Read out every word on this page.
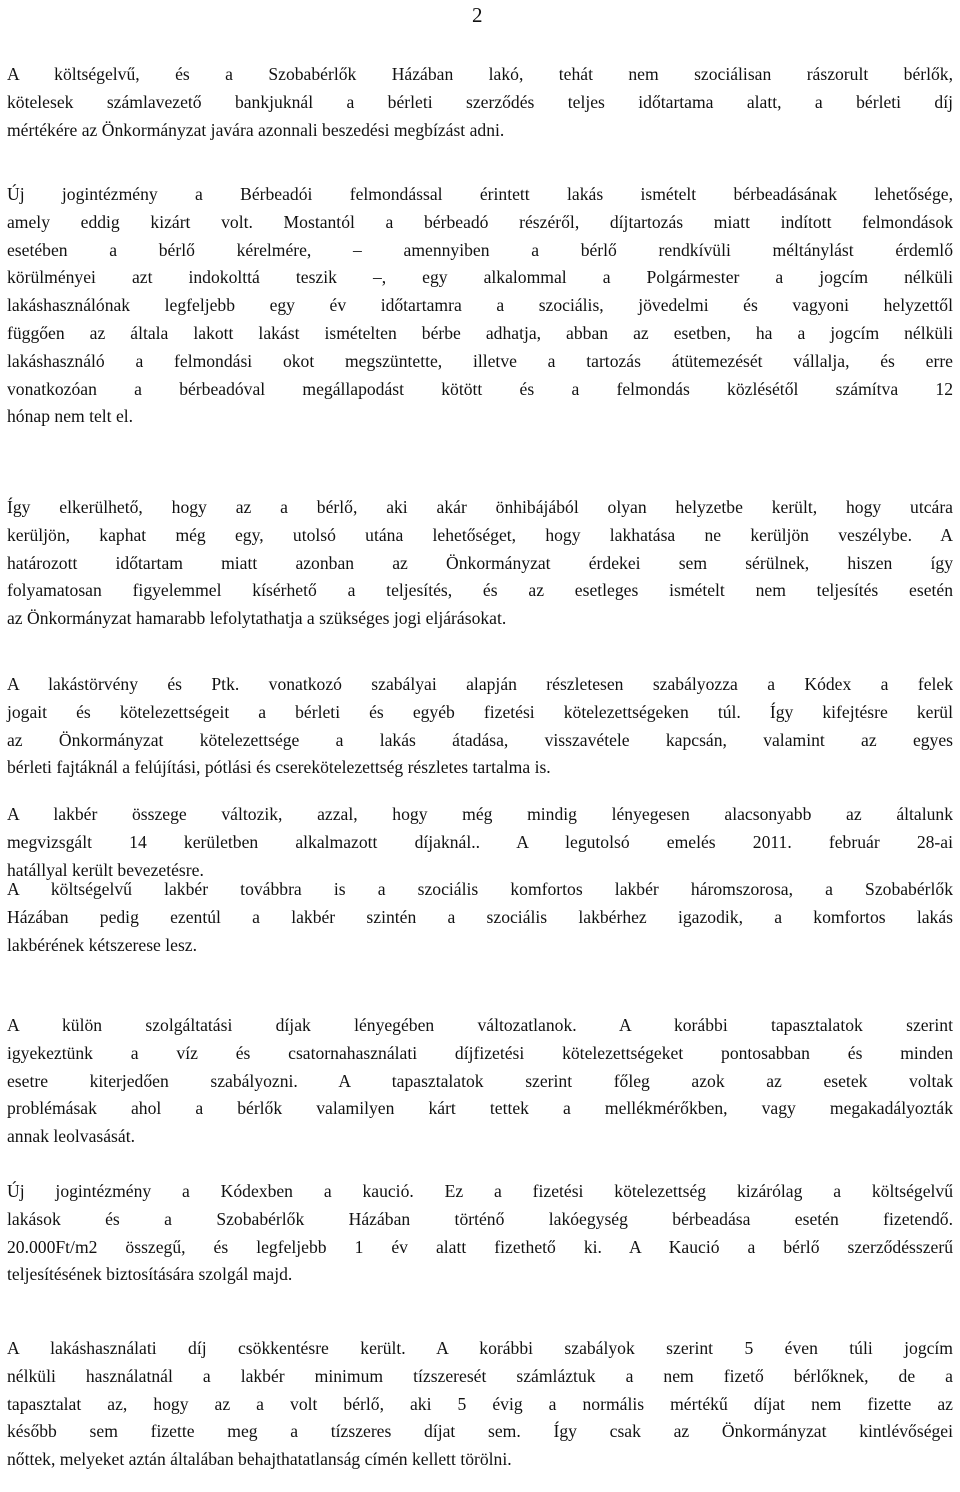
2
A költségelvű, és a Szobabérlők Házában lakó, tehát nem szociálisan rászorult bérlők,
kötelesek számlavezető bankjuknál a bérleti szerződés teljes időtartama alatt, a bérleti díj
mértékére az Önkormányzat javára azonnali beszedési megbízást adni.
Új jogintézmény a Bérbeadói felmondással érintett lakás ismételt bérbeadásának lehetősége,
amely eddig kizárt volt. Mostantól a bérbeadó részéről, díjtartozás miatt indított felmondások
esetében a bérlő kérelmére, – amennyiben a bérlő rendkívüli méltánylást érdemlő
körülményei azt indokolttá teszik –, egy alkalommal a Polgármester a jogcím nélküli
lakáshasználónak legfeljebb egy év időtartamra a szociális, jövedelmi és vagyoni helyzettől
függően az általa lakott lakást ismételten bérbe adhatja, abban az esetben, ha a jogcím nélküli
lakáshasználó a felmondási okot megszüntette, illetve a tartozás átütemezését vállalja, és erre
vonatkozóan a bérbeadóval megállapodást kötött és a felmondás közlésétől számítva 12
hónap nem telt el.
Így elkerülhető, hogy az a bérlő, aki akár önhibájából olyan helyzetbe került, hogy utcára
kerüljön, kaphat még egy, utolsó utána lehetőséget, hogy lakhatása ne kerüljön veszélybe. A
határozott időtartam miatt azonban az Önkormányzat érdekei sem sérülnek, hiszen így
folyamatosan figyelemmel kísérhető a teljesítés, és az esetleges ismételt nem teljesítés esetén
az Önkormányzat hamarabb lefolytathatja a szükséges jogi eljárásokat.
A lakástörvény és Ptk. vonatkozó szabályai alapján részletesen szabályozza a Kódex a felek
jogait és kötelezettségeit a bérleti és egyéb fizetési kötelezettségeken túl. Így kifejtésre kerül
az Önkormányzat kötelezettsége a lakás átadása, visszavétele kapcsán, valamint az egyes
bérleti fajtáknál a felújítási, pótlási és cserekötelezettség részletes tartalma is.
A lakbér összege változik, azzal, hogy még mindig lényegesen alacsonyabb az általunk
megvizsgált 14 kerületben alkalmazott díjaknál.. A legutolsó emelés 2011. február 28-ai
hatállyal került bevezetésre.
A költségelvű lakbér továbbra is a szociális komfortos lakbér háromszorosa, a Szobabérlők
Házában pedig ezentúl a lakbér szintén a szociális lakbérhez igazodik, a komfortos lakás
lakbérének kétszerese lesz.
A külön szolgáltatási díjak lényegében változatlanok. A korábbi tapasztalatok szerint
igyekeztünk a víz és csatornahasználati díjfizetési kötelezettségeket pontosabban és minden
esetre kiterjedően szabályozni. A tapasztalatok szerint főleg azok az esetek voltak
problémásak ahol a bérlők valamilyen kárt tettek a mellékmérőkben, vagy megakadályozták
annak leolvasását.
Új jogintézmény a Kódexben a kaució. Ez a fizetési kötelezettség kizárólag a költségelvű
lakások és a Szobabérlők Házában történő lakóegység bérbeadása esetén fizetendő.
20.000Ft/m2 összegű, és legfeljebb 1 év alatt fizethető ki. A Kaució a bérlő szerződésszerű
teljesítésének biztosítására szolgál majd.
A lakáshasználati díj csökkentésre került. A korábbi szabályok szerint 5 éven túli jogcím
nélküli használatnál a lakbér minimum tízszeresét számláztuk a nem fizető bérlőknek, de a
tapasztalat az, hogy az a volt bérlő, aki 5 évig a normális mértékű díjat nem fizette az
később sem fizette meg a tízszeres díjat sem. Így csak az Önkormányzat kintlévőségei
nőttek, melyeket aztán általában behajthatatlanság címén kellett törölni.
